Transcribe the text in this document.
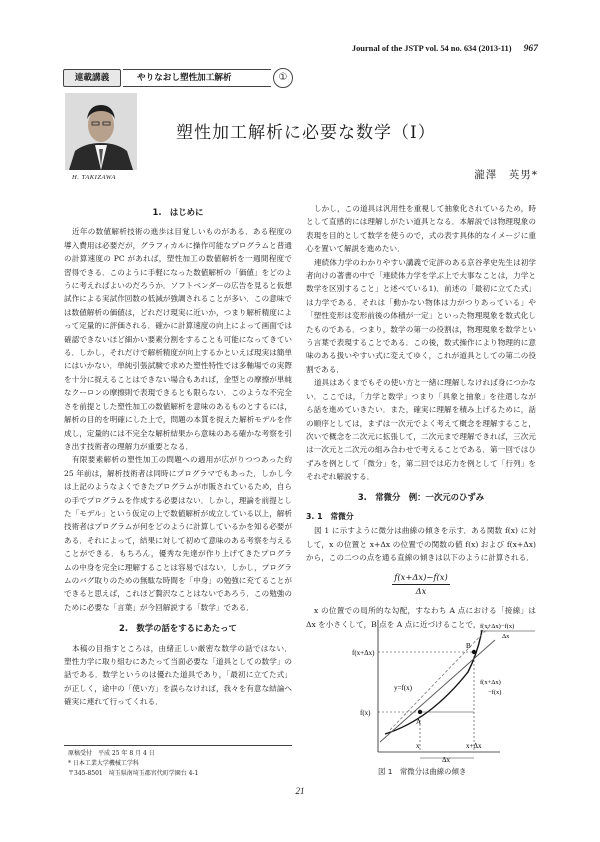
Journal of the JSTP vol. 54 no. 634 (2013-11) 967
連載講義	やりなおし塑性加工解析	①
H. TAKIZAWA
塑性加工解析に必要な数学（Ⅰ）
瀧澤　英男*
1.　はじめに

近年の数値解析技術の進歩は目覚しいものがある．ある程度の導入費用は必要だが，グラフィカルに操作可能なプログラムと普通の計算速度の PC があれば，塑性加工の数値解析を一週間程度で習得できる．このように手軽になった数値解析の「価値」をどのように考えればよいのだろうか．ソフトベンダーの広告を見ると仮想試作による実試作回数の低減が強調されることが多い．この意味では数値解析の価値は，どれだけ現実に近いか，つまり解析精度によって定量的に評価される．確かに計算速度の向上によって画面では確認できないほど細かい要素分割をすることも可能になってきている．しかし，それだけで解析精度が向上するかといえば現実は簡単にはいかない．単純引張試験で求めた塑性特性では多軸場での実際を十分に捉えることはできない場合もあれば，金型との摩擦が単純なクーロンの摩擦則で表現できるとも限らない．このような不完全さを前提とした塑性加工の数値解析を意味のあるものとするには，解析の目的を明確にした上で，問題の本質を捉えた解析モデルを作成し，定量的には不完全な解析結果から意味のある確かな考察を引き出す技術者の理解力が重要となる．

有限要素解析の塑性加工の問題への適用が広がりつつあった約 25 年前は，解析技術者は同時にプログラマでもあった．しかし今は上記のようなよくできたプログラムが市販されているため，自らの手でプログラムを作成する必要はない．しかし，理論を前提とした「モデル」という仮定の上で数値解析が成立している以上，解析技術者はプログラムが何をどのように計算しているかを知る必要がある．それによって，結果に対して初めて意味のある考察を与えることができる．もちろん，優秀な先達が作り上げてきたプログラムの中身を完全に理解することは容易ではない．しかし，プログラムのバグ取りのための無駄な時間を「中身」の勉強に充てることができると思えば，これほど贅沢なことはないであろう．この勉強のために必要な「言葉」が今回解説する「数学」である．

2.　数学の話をするにあたって

本稿の目指すところは，由緒正しい厳密な数学の話ではない．塑性力学に取り組むにあたって当面必要な「道具としての数学」の話である．数学というのは優れた道具であり，「最初に立てた式」が正しく，途中の「使い方」を誤らなければ，我々を有意な結論へ確実に連れて行ってくれる．

原稿受付　平成 25 年 8 月 4 日
* 日本工業大学機械工学科
〒345-8501　埼玉県南埼玉郡宮代町学園台 4-1

しかし，この道具は汎用性を重視して抽象化されているため，時として直感的には理解しがたい道具となる．本解説では物理現象の表現を目的として数学を使うので，式の表す具体的なイメージに重心を置いて解説を進めたい．

連続体力学のわかりやすい講義で定評のある京谷孝史先生は初学者向けの著書の中で「連続体力学を学ぶ上で大事なことは，力学と数学を区別すること」と述べている1)．前述の「最初に立てた式」は力学である．それは「動かない物体は力がつりあっている」や「塑性変形は変形前後の体積が一定」といった物理現象を数式化したものである．つまり，数学の第一の役割は，物理現象を数学という言葉で表現することである．この後，数式操作により物理的に意味のある扱いやすい式に変えてゆく，これが道具としての第二の役割である．

道具はあくまでもその使い方と一緒に理解しなければ身につかない．ここでは，「力学と数学」つまり「具象と抽象」を往還しながら話を進めていきたい．また，確実に理解を積み上げるために，話の順序としては，まずは一次元でよく考えて概念を理解すること，次いで概念を二次元に拡張して，二次元まで理解できれば，三次元は一次元と二次元の組み合わせで考えることである．第一回ではひずみを例として「微分」を，第二回では応力を例として「行列」をそれぞれ解説する．

3.　常微分　例：一次元のひずみ
3. 1　常微分

図 1 に示すように微分は曲線の傾きを示す．ある関数 f(x) に対して，x の位置と x+Δx の位置での関数の値 f(x) および f(x+Δx) から，この二つの点を通る直線の傾きは以下のように計算される．

$\frac{f(x+\Delta x)-f(x)}{\Delta x}$

x の位置での局所的な勾配，すなわち A 点における「接線」は Δx を小さくして，B 点を A 点に近づけることで，

f(x+Δx)
f(x)
A
B
y=f(x)
x	x+Δx
Δx
f(x+Δx)−f(x)
Δx
f(x+Δx)
−f(x)
図 1　常微分は曲線の傾き
21
